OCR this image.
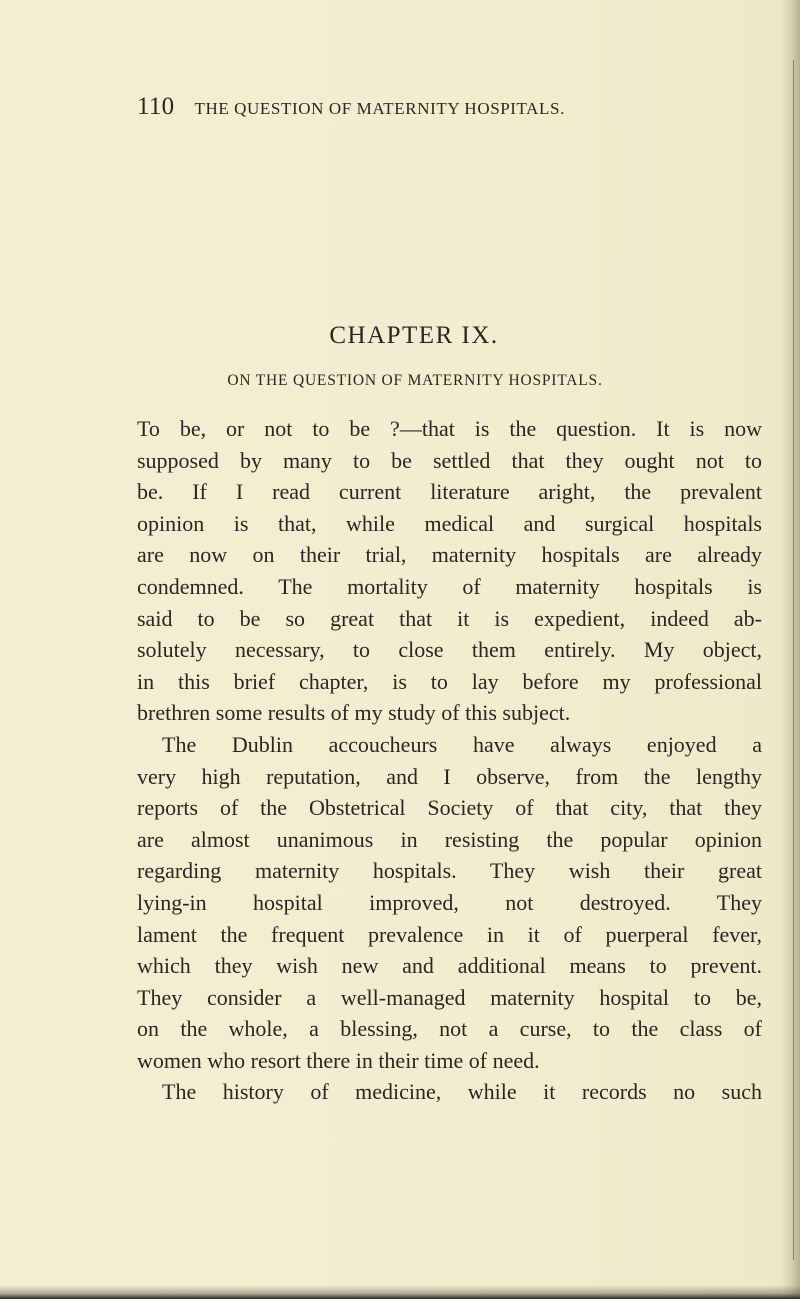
110 THE QUESTION OF MATERNITY HOSPITALS.
CHAPTER IX.
ON THE QUESTION OF MATERNITY HOSPITALS.
To be, or not to be ?—that is the question. It is now
supposed by many to be settled that they ought not to
be. If I read current literature aright, the prevalent
opinion is that, while medical and surgical hospitals
are now on their trial, maternity hospitals are already
condemned. The mortality of maternity hospitals is
said to be so great that it is expedient, indeed ab-
solutely necessary, to close them entirely. My object,
in this brief chapter, is to lay before my professional
brethren some results of my study of this subject.
The Dublin accoucheurs have always enjoyed a
very high reputation, and I observe, from the lengthy
reports of the Obstetrical Society of that city, that they
are almost unanimous in resisting the popular opinion
regarding maternity hospitals. They wish their great
lying-in hospital improved, not destroyed. They
lament the frequent prevalence in it of puerperal fever,
which they wish new and additional means to prevent.
They consider a well-managed maternity hospital to be,
on the whole, a blessing, not a curse, to the class of
women who resort there in their time of need.
The history of medicine, while it records no such
